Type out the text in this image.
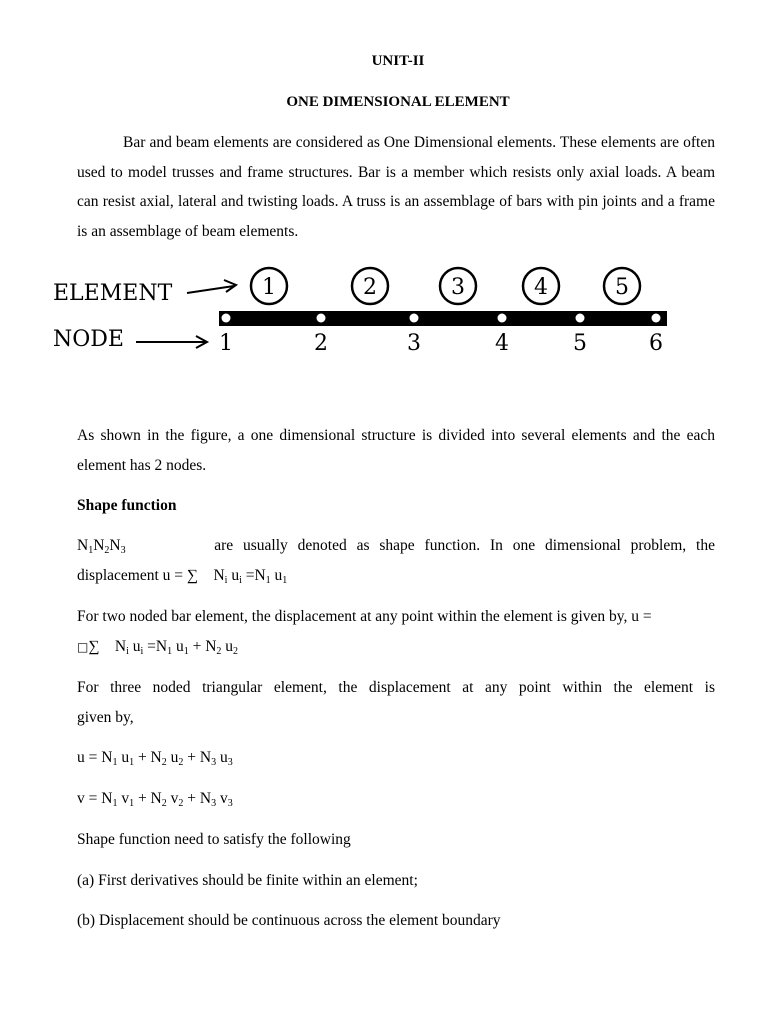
UNIT-II
ONE DIMENSIONAL ELEMENT
Bar and beam elements are considered as One Dimensional elements. These elements are often used to model trusses and frame structures. Bar is a member which resists only axial loads. A beam can resist axial, lateral and twisting loads. A truss is an assemblage of bars with pin joints and a frame is an assemblage of beam elements.
ELEMENT
NODE
1	2	3	4	5
1	2	3	4	5	6
As shown in the figure, a one dimensional structure is divided into several elements and the each element has 2 nodes.
Shape function
$N_1N_2N_3$	are usually denoted as shape function. In one dimensional problem, the
displacement u = ∑ $N_i$ $u_i =N_1$ $u_1$
For two noded bar element, the displacement at any point within the element is given by, u =
□∑ $N_i$ $u_i =N_1$ $u_1 + N_2$ $u_2$
For three noded triangular element, the displacement at any point within the element is
given by,
$u = N_1$ $u_1 + N_2$ $u_2 + N_3$ $u_3$
$v = N_1$ $v_1 + N_2$ $v_2 + N_3$ $v_3$
Shape function need to satisfy the following
(a) First derivatives should be finite within an element;
(b) Displacement should be continuous across the element boundary
